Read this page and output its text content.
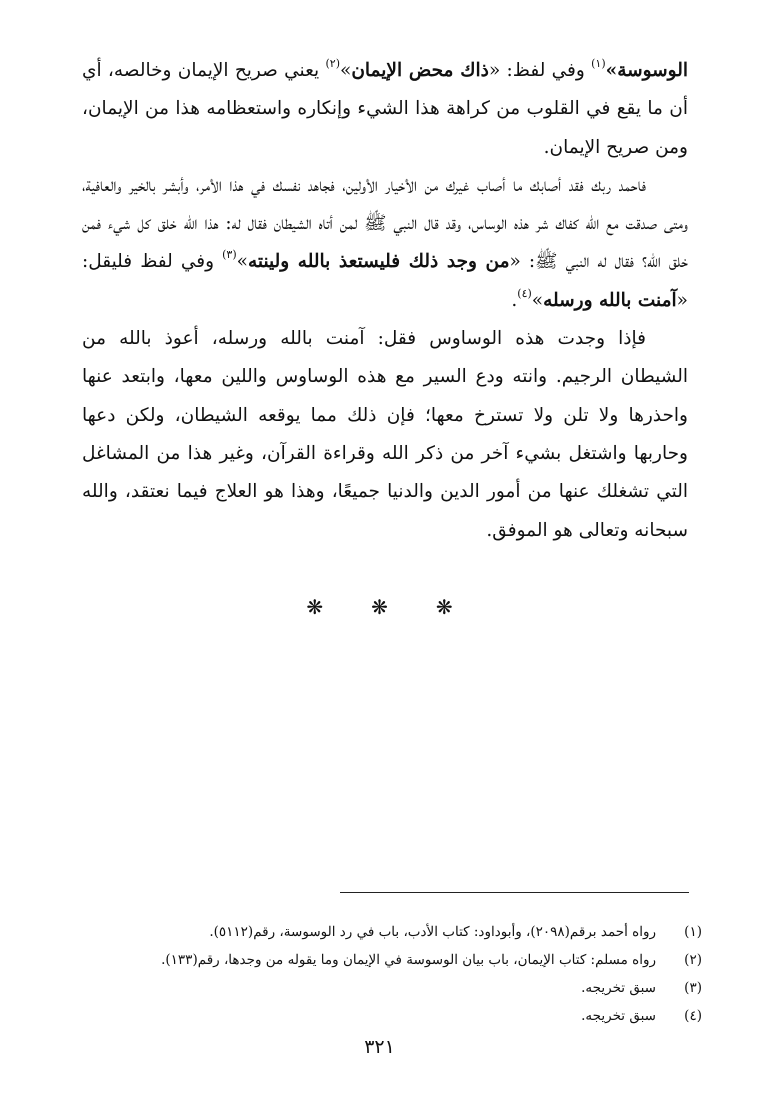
الوسوسة»$^{(١)}$ وفي لفظ: «ذاك محض الإيمان»$^{(٢)}$ يعني صريح الإيمان وخالصه، أي أن ما يقع في القلوب من كراهة هذا الشيء وإنكاره واستعظامه هذا من الإيمان، ومن صريح الإيمان.

فاحمد ربك فقد أصابك ما أصاب غيرك من الأخيار الأولين، فجاهد نفسك في هذا الأمر، وأبشر بالخير والعافية، ومتى صدقت مع الله كفاك شر هذه الوساس، وقد قال النبي ﷺ لمن أتاه الشيطان فقال له: هذا الله خلق كل شيء فمن خلق الله؟ فقال له النبي ﷺ: «من وجد ذلك فليستعذ بالله ولينته»$^{(٣)}$ وفي لفظ فليقل: «آمنت بالله ورسله»$^{(٤)}$.

فإذا وجدت هذه الوساوس فقل: آمنت بالله ورسله، أعوذ بالله من الشيطان الرجيم. وانته ودع السير مع هذه الوساوس واللين معها، وابتعد عنها واحذرها ولا تلن ولا تسترخ معها؛ فإن ذلك مما يوقعه الشيطان، ولكن دعها وحاربها واشتغل بشيء آخر من ذكر الله وقراءة القرآن، وغير هذا من المشاغل التي تشغلك عنها من أمور الدين والدنيا جميعًا، وهذا هو العلاج فيما نعتقد، والله سبحانه وتعالى هو الموفق.

❋ ❋ ❋
(١)رواه أحمد برقم(٢٠٩٨)، وأبوداود: كتاب الأدب، باب في رد الوسوسة، رقم(٥١١٢).
(٢)رواه مسلم: كتاب الإيمان، باب بيان الوسوسة في الإيمان وما يقوله من وجدها، رقم(١٣٣).
(٣)سبق تخريجه.
(٤)سبق تخريجه.
٣٢١
